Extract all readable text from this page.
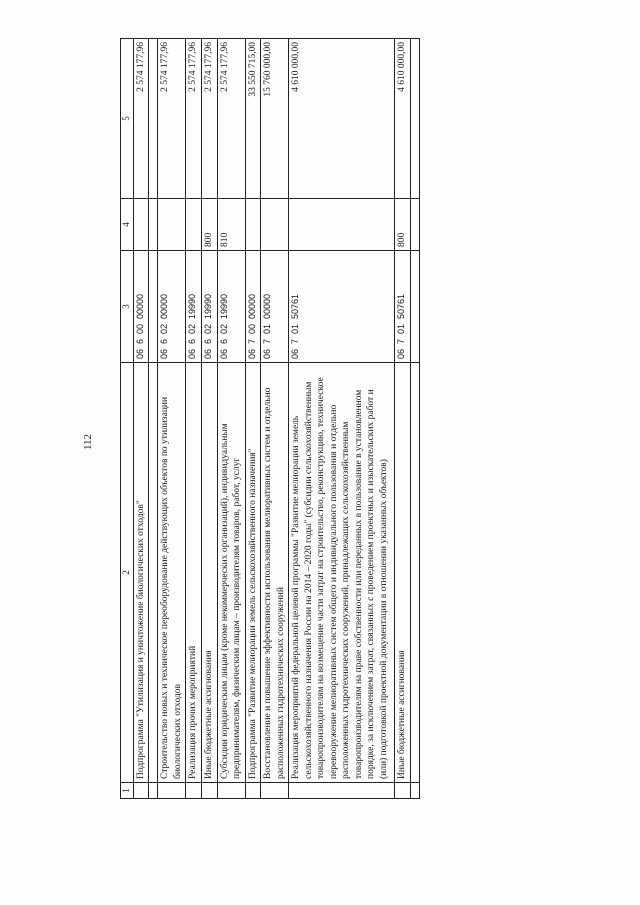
112
1	2	3	4	5
	Подпрограмма "Утилизация и уничтожение биологических отходов"	06  6  00  00000		2 574 177,96

	Строительство новых и техническое переоборудование действующих объектов по утилизации биологических отходов	06  6  02  00000		2 574 177,96
	Реализация прочих мероприятий	06  6  02  19990		2 574 177,96
	Иные бюджетные ассигнования	06  6  02  19990	800	2 574 177,96
	Субсидии юридическим лицам (кроме некоммерческих организаций), индивидуальным предпринимателям, физическим лицам – производителям товаров, работ, услуг	06  6  02  19990	810	2 574 177,96
	Подпрограмма "Развитие мелиорации земель сельскохозяйственного назначения"	06  7  00  00000		33 550 715,00
	Восстановление и повышение эффективности использования мелиоративных систем и отдельно расположенных гидротехнических сооружений	06  7  01  00000		15 760 000,00
	Реализация мероприятий федеральной целевой программы "Развитие мелиорации земель сельскохозяйственного назначения России на 2014 – 2020 годы" (субсидии сельскохозяйственным товаропроизводителям на возмещение части затрат на строительство, реконструкцию, техническое перевооружение мелиоративных систем общего и индивидуального пользования и отдельно расположенных гидротехнических сооружений, принадлежащих сельскохозяйственным товаропроизводителям на праве собственности или переданных в пользование в установленном порядке, за исключением затрат, связанных с проведением проектных и изыскательских работ и (или) подготовкой проектной документации в отношении указанных объектов)	06  7  01  50761		4 610 000,00
	Иные бюджетные ассигнования	06  7  01  50761	800	4 610 000,00
